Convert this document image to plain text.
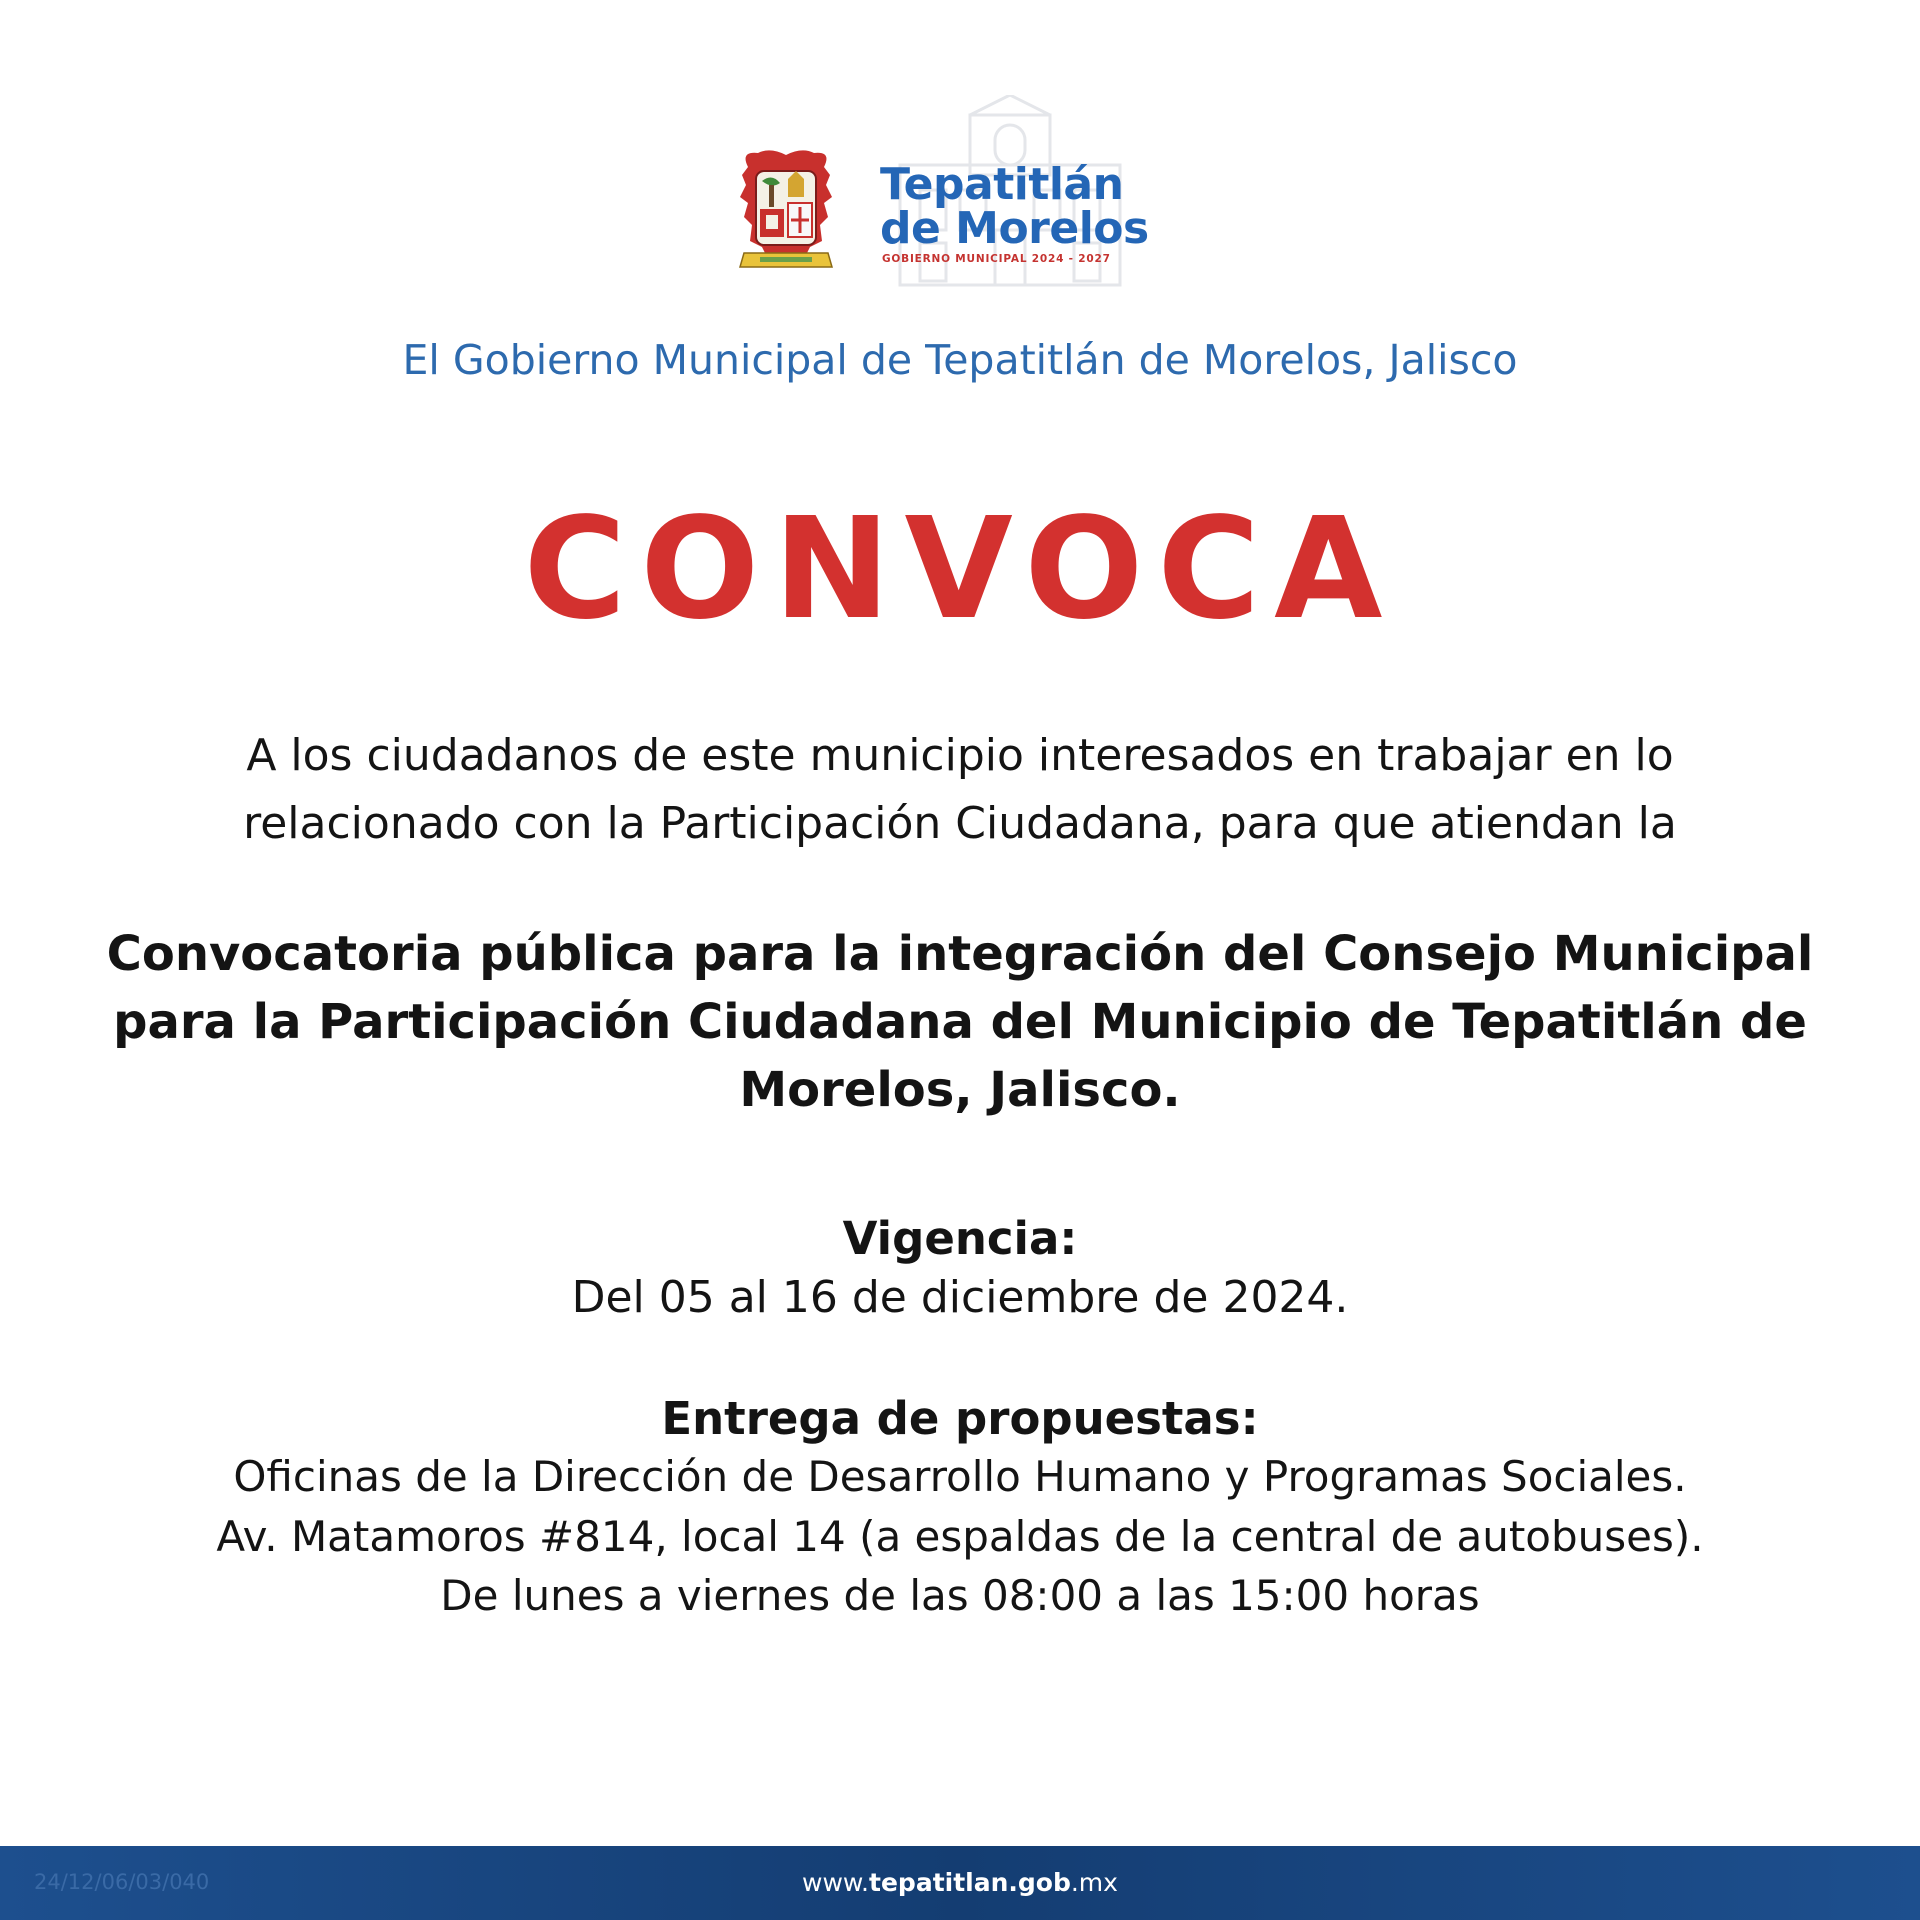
Tepatitlán
de Morelos
GOBIERNO MUNICIPAL 2024 - 2027
El Gobierno Municipal de Tepatitlán de Morelos, Jalisco
CONVOCA
A los ciudadanos de este municipio interesados en trabajar en lo relacionado con la Participación Ciudadana, para que atiendan la
Convocatoria pública para la integración del Consejo Municipal para la Participación Ciudadana del Municipio de Tepatitlán de Morelos, Jalisco.
Vigencia:
Del 05 al 16 de diciembre de 2024.
Entrega de propuestas:
Oficinas de la Dirección de Desarrollo Humano y Programas Sociales.
Av. Matamoros #814, local 14 (a espaldas de la central de autobuses).
De lunes a viernes de las 08:00 a las 15:00 horas
24/12/06/03/040	www.tepatitlan.gob.mx
